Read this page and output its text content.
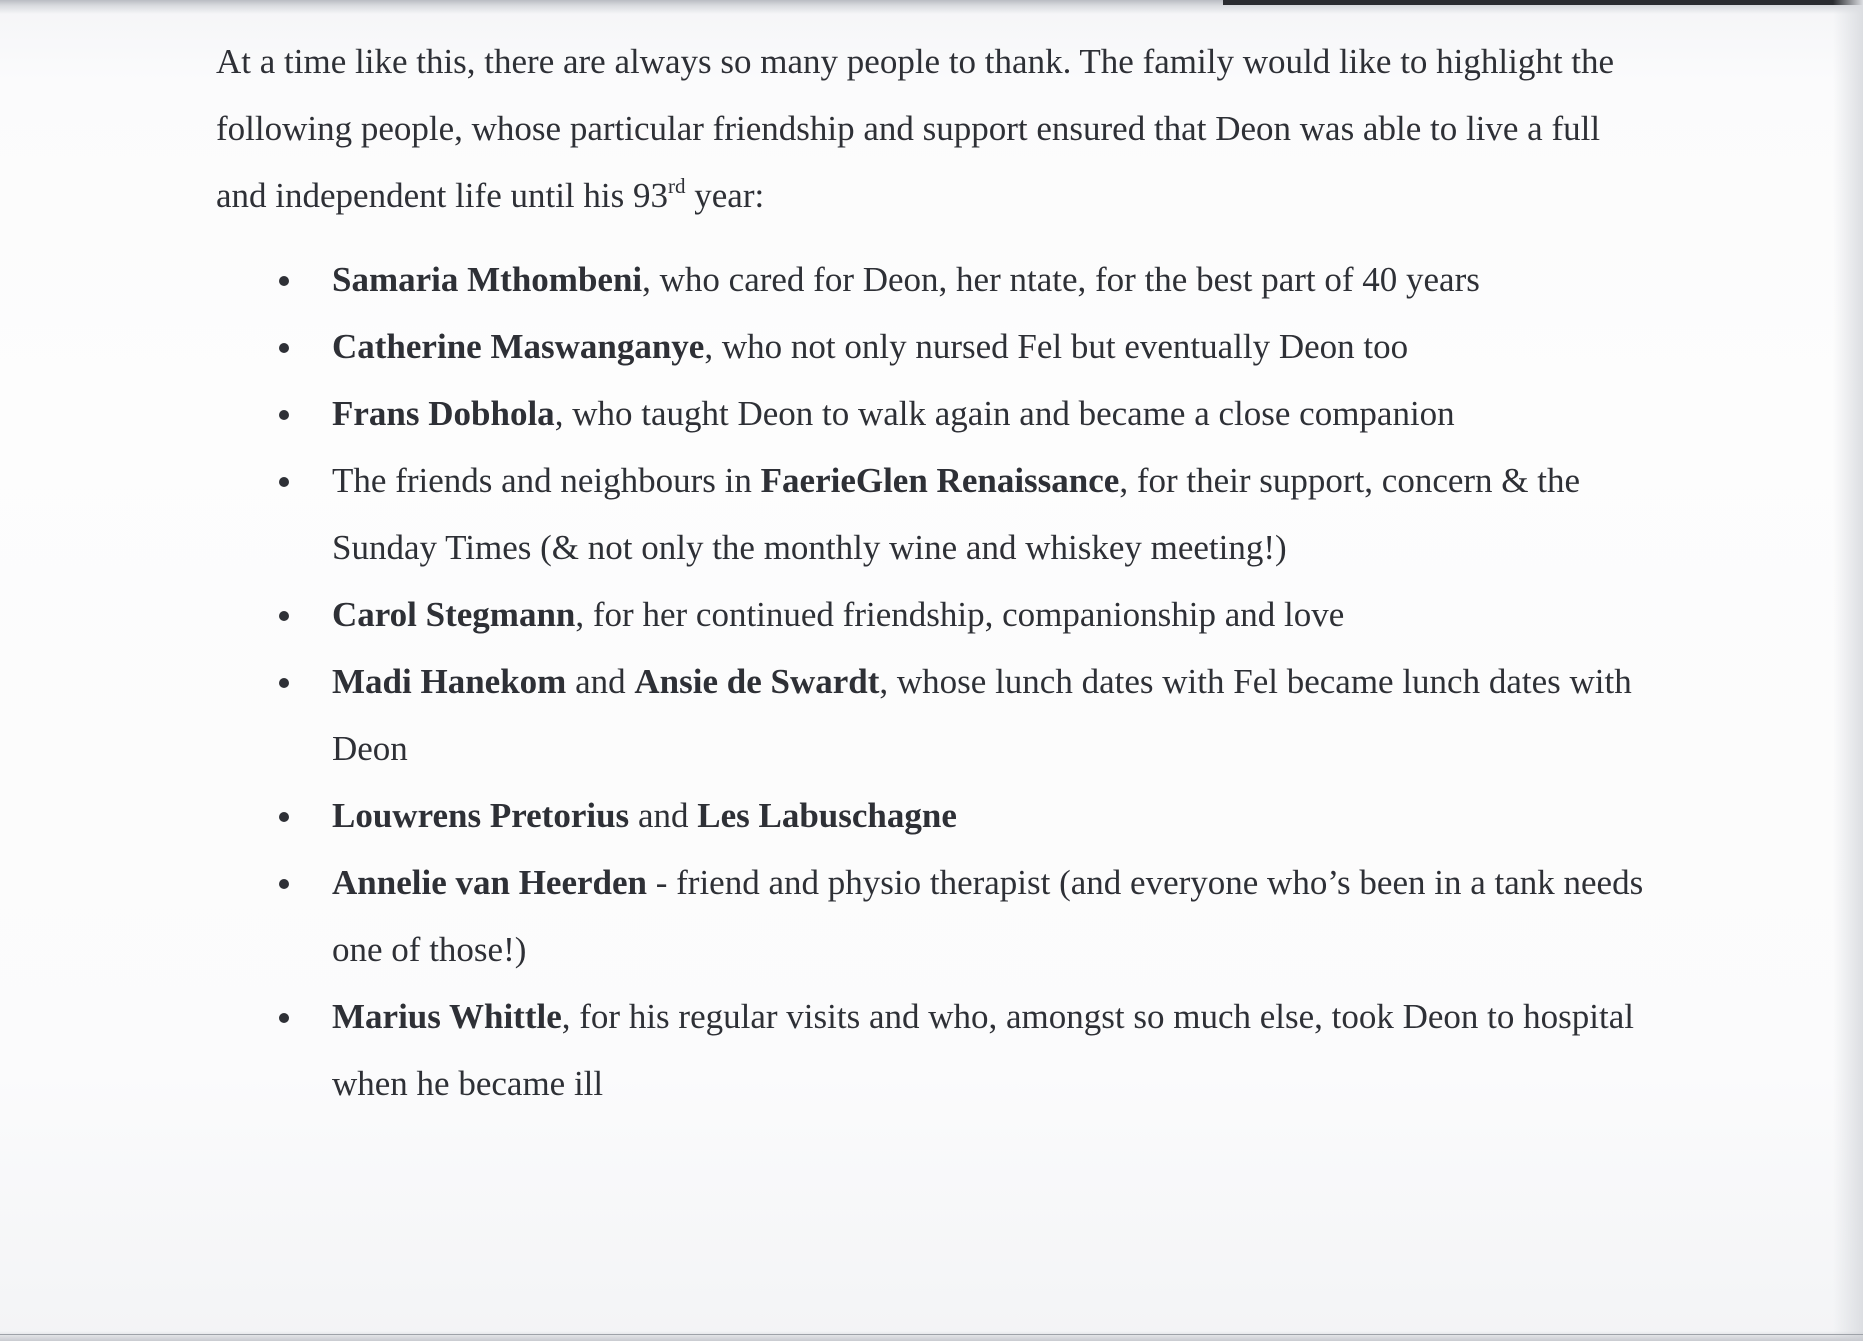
At a time like this, there are always so many people to thank. The family would like to highlight the following people, whose particular friendship and support ensured that Deon was able to live a full and independent life until his 93rd year:

Samaria Mthombeni, who cared for Deon, her ntate, for the best part of 40 years
Catherine Maswanganye, who not only nursed Fel but eventually Deon too
Frans Dobhola, who taught Deon to walk again and became a close companion
The friends and neighbours in FaerieGlen Renaissance, for their support, concern & the Sunday Times (& not only the monthly wine and whiskey meeting!)
Carol Stegmann, for her continued friendship, companionship and love
Madi Hanekom and Ansie de Swardt, whose lunch dates with Fel became lunch dates with Deon
Louwrens Pretorius and Les Labuschagne
Annelie van Heerden - friend and physio therapist (and everyone who’s been in a tank needs one of those!)
Marius Whittle, for his regular visits and who, amongst so much else, took Deon to hospital when he became ill
